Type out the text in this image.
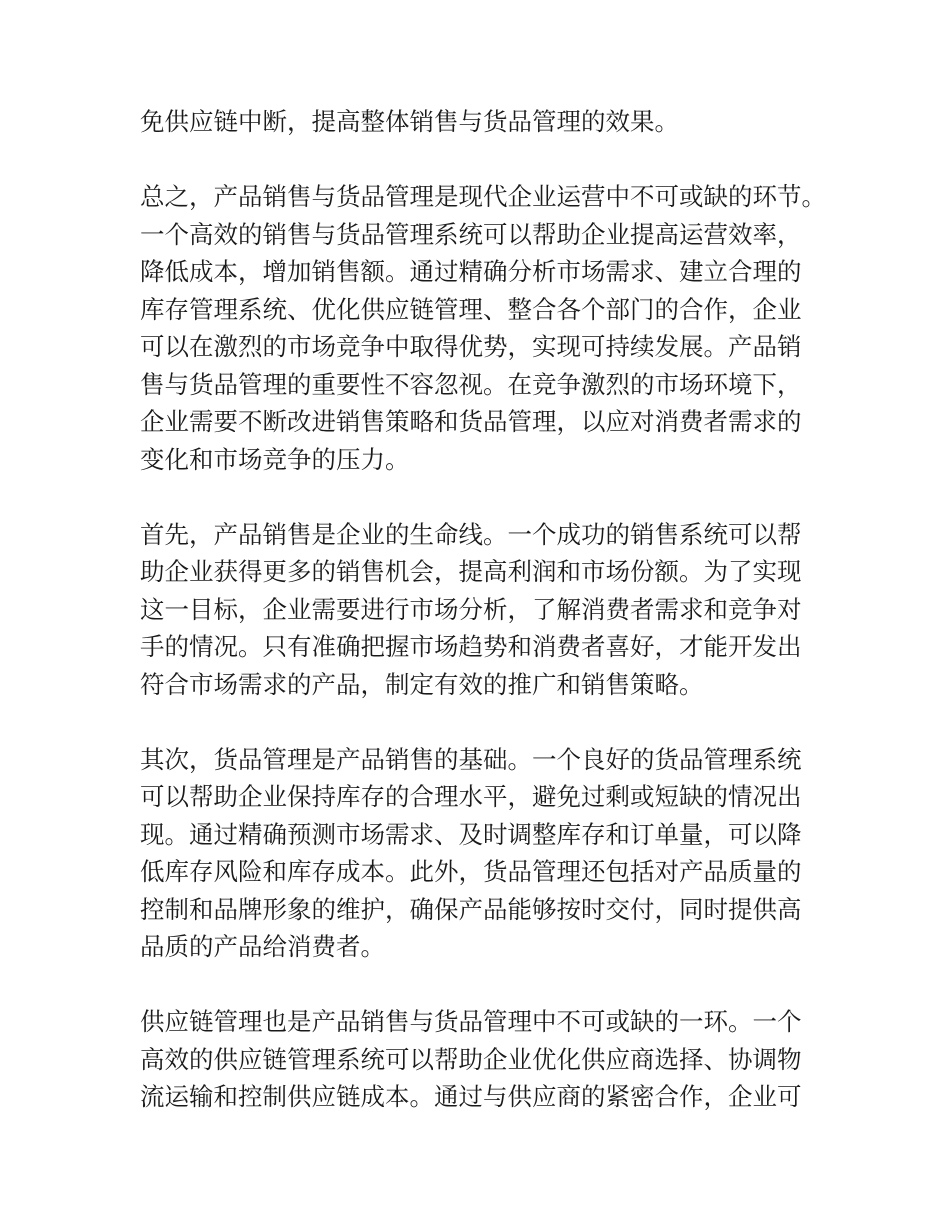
免供应链中断，提高整体销售与货品管理的效果。
总之，产品销售与货品管理是现代企业运营中不可或缺的环节。
一个高效的销售与货品管理系统可以帮助企业提高运营效率，
降低成本，增加销售额。通过精确分析市场需求、建立合理的
库存管理系统、优化供应链管理、整合各个部门的合作，企业
可以在激烈的市场竞争中取得优势，实现可持续发展。产品销
售与货品管理的重要性不容忽视。在竞争激烈的市场环境下，
企业需要不断改进销售策略和货品管理，以应对消费者需求的
变化和市场竞争的压力。
首先，产品销售是企业的生命线。一个成功的销售系统可以帮
助企业获得更多的销售机会，提高利润和市场份额。为了实现
这一目标，企业需要进行市场分析，了解消费者需求和竞争对
手的情况。只有准确把握市场趋势和消费者喜好，才能开发出
符合市场需求的产品，制定有效的推广和销售策略。
其次，货品管理是产品销售的基础。一个良好的货品管理系统
可以帮助企业保持库存的合理水平，避免过剩或短缺的情况出
现。通过精确预测市场需求、及时调整库存和订单量，可以降
低库存风险和库存成本。此外，货品管理还包括对产品质量的
控制和品牌形象的维护，确保产品能够按时交付，同时提供高
品质的产品给消费者。
供应链管理也是产品销售与货品管理中不可或缺的一环。一个
高效的供应链管理系统可以帮助企业优化供应商选择、协调物
流运输和控制供应链成本。通过与供应商的紧密合作，企业可
